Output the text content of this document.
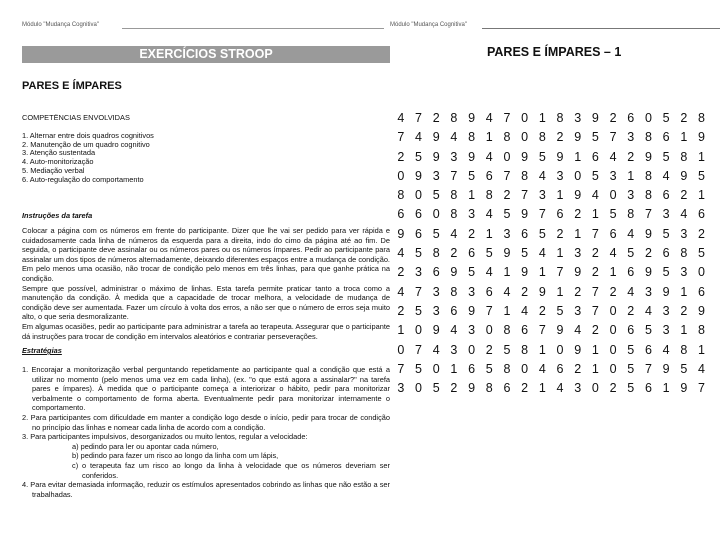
Módulo "Mudança Cognitiva"	Módulo "Mudança Cognitiva"
EXERCÍCIOS STROOP	PARES E ÍMPARES – 1
PARES E ÍMPARES
COMPETÊNCIAS ENVOLVIDAS
1. Alternar entre dois quadros cognitivos
2. Manutenção de um quadro cognitivo
3. Atenção sustentada
4. Auto-monitorização
5. Mediação verbal
6. Auto-regulação do comportamento
Instruções da tarefa

Colocar a página com os números em frente do participante. Dizer que lhe vai ser pedido para ver rápida e cuidadosamente cada linha de números da esquerda para a direita, indo do cimo da página até ao fim. De seguida, o participante deve assinalar ou os números pares ou os números ímpares. Pedir ao participante para assinalar um dos tipos de números alternadamente, deixando diferentes espaços entre a mudança de condição. Em pelo menos uma ocasião, não trocar de condição pelo menos em três linhas, para que ganhe prática na condição.

Sempre que possível, administrar o máximo de linhas. Esta tarefa permite praticar tanto a troca como a manutenção da condição. À medida que a capacidade de trocar melhora, a velocidade de mudança de condição deve ser aumentada. Fazer um círculo à volta dos erros, a não ser que o número de erros seja muito alto, o que seria desmoralizante.

Em algumas ocasiões, pedir ao participante para administrar a tarefa ao terapeuta. Assegurar que o participante dá instruções para trocar de condição em intervalos aleatórios e contrariar perseverações.

Estratégias
1. Encorajar a monitorização verbal perguntando repetidamente ao participante qual a condição que está a utilizar no momento (pelo menos uma vez em cada linha), (ex. "o que está agora a assinalar?" na tarefa pares e ímpares). À medida que o participante começa a interiorizar o hábito, pedir para monitorizar verbalmente o comportamento de forma aberta. Eventualmente pedir para monitorizar internamente o comportamento.
2. Para participantes com dificuldade em manter a condição logo desde o início, pedir para trocar de condição no princípio das linhas e nomear cada linha de acordo com a condição.
3. Para participantes impulsivos, desorganizados ou muito lentos, regular a velocidade:
a) pedindo para ler ou apontar cada número,
b) pedindo para fazer um risco ao longo da linha com um lápis,
c) o terapeuta faz um risco ao longo da linha à velocidade que os números deveriam ser conferidos.
4. Para evitar demasiada informação, reduzir os estímulos apresentados cobrindo as linhas que não estão a ser trabalhadas.
4 7 2 8 9 4 7 0 1 8 3 9 2 6 0 5 2 8
7 4 9 4 8 1 8 0 8 2 9 5 7 3 8 6 1 9
2 5 9 3 9 4 0 9 5 9 1 6 4 2 9 5 8 1
0 9 3 7 5 6 7 8 4 3 0 5 3 1 8 4 9 5
8 0 5 8 1 8 2 7 3 1 9 4 0 3 8 6 2 1
6 6 0 8 3 4 5 9 7 6 2 1 5 8 7 3 4 6
9 6 5 4 2 1 3 6 5 2 1 7 6 4 9 5 3 2
4 5 8 2 6 5 9 5 4 1 3 2 4 5 2 6 8 5
2 3 6 9 5 4 1 9 1 7 9 2 1 6 9 5 3 0
4 7 3 8 3 6 4 2 9 1 2 7 2 4 3 9 1 6
2 5 3 6 9 7 1 4 2 5 3 7 0 2 4 3 2 9
1 0 9 4 3 0 8 6 7 9 4 2 0 6 5 3 1 8
0 7 4 3 0 2 5 8 1 0 9 1 0 5 6 4 8 1
7 5 0 1 6 5 8 0 4 6 2 1 0 5 7 9 5 4
3 0 5 2 9 8 6 2 1 4 3 0 2 5 6 1 9 7
